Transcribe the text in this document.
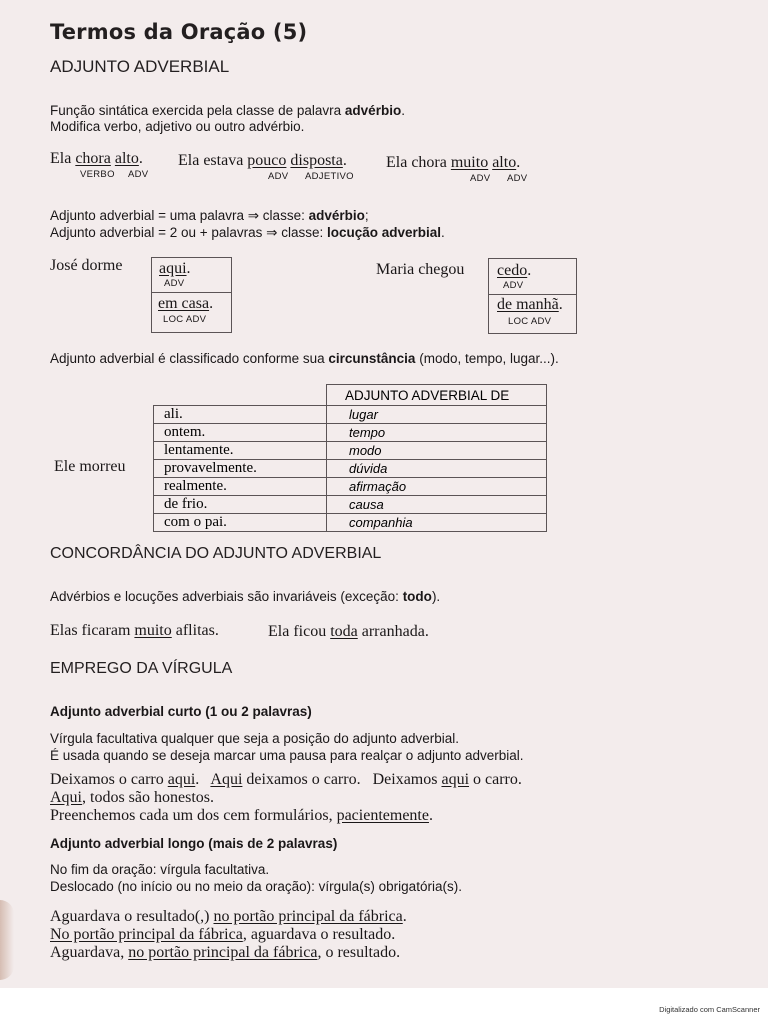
Termos da Oração (5)
ADJUNTO ADVERBIAL
Função sintática exercida pela classe de palavra advérbio.
Modifica verbo, adjetivo ou outro advérbio.
Ela chora alto.
VERBO ADV
Ela estava pouco disposta.
ADV ADJETIVO
Ela chora muito alto.
ADV ADV
Adjunto adverbial = uma palavra ⇒ classe: advérbio;
Adjunto adverbial = 2 ou + palavras ⇒ classe: locução adverbial.
José dorme aqui.
ADV
em casa.
LOC ADV
Maria chegou cedo.
ADV
de manhã.
LOC ADV
Adjunto adverbial é classificado conforme sua circunstância (modo, tempo, lugar...).
Ele morreu
	ADJUNTO ADVERBIAL DE
ali.	lugar
ontem.	tempo
lentamente.	modo
provavelmente.	dúvida
realmente.	afirmação
de frio.	causa
com o pai.	companhia
CONCORDÂNCIA DO ADJUNTO ADVERBIAL
Advérbios e locuções adverbiais são invariáveis (exceção: todo).
Elas ficaram muito aflitas.	Ela ficou toda arranhada.
EMPREGO DA VÍRGULA
Adjunto adverbial curto (1 ou 2 palavras)
Vírgula facultativa qualquer que seja a posição do adjunto adverbial.
É usada quando se deseja marcar uma pausa para realçar o adjunto adverbial.
Deixamos o carro aqui.   Aqui deixamos o carro.   Deixamos aqui o carro.
Aqui, todos são honestos.
Preenchemos cada um dos cem formulários, pacientemente.
Adjunto adverbial longo (mais de 2 palavras)
No fim da oração: vírgula facultativa.
Deslocado (no início ou no meio da oração): vírgula(s) obrigatória(s).
Aguardava o resultado(,) no portão principal da fábrica.
No portão principal da fábrica, aguardava o resultado.
Aguardava, no portão principal da fábrica, o resultado.
Digitalizado com CamScanner
